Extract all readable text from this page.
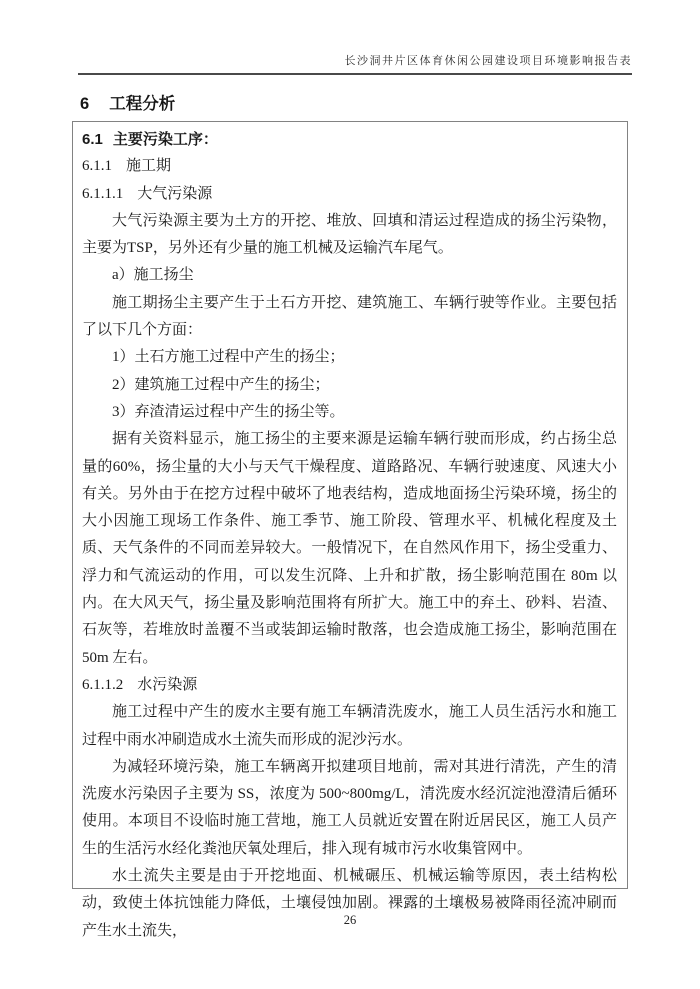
长沙洞井片区体育休闲公园建设项目环境影响报告表
6 工程分析
6.1 主要污染工序：
6.1.1 施工期
6.1.1.1 大气污染源

大气污染源主要为土方的开挖、堆放、回填和清运过程造成的扬尘污染物，主要为TSP，另外还有少量的施工机械及运输汽车尾气。

a）施工扬尘

施工期扬尘主要产生于土石方开挖、建筑施工、车辆行驶等作业。主要包括了以下几个方面：

1）土石方施工过程中产生的扬尘；
2）建筑施工过程中产生的扬尘；
3）弃渣清运过程中产生的扬尘等。

据有关资料显示，施工扬尘的主要来源是运输车辆行驶而形成，约占扬尘总量的60%，扬尘量的大小与天气干燥程度、道路路况、车辆行驶速度、风速大小有关。另外由于在挖方过程中破坏了地表结构，造成地面扬尘污染环境，扬尘的大小因施工现场工作条件、施工季节、施工阶段、管理水平、机械化程度及土质、天气条件的不同而差异较大。一般情况下，在自然风作用下，扬尘受重力、浮力和气流运动的作用，可以发生沉降、上升和扩散，扬尘影响范围在 80m 以内。在大风天气，扬尘量及影响范围将有所扩大。施工中的弃土、砂料、岩渣、石灰等，若堆放时盖覆不当或装卸运输时散落，也会造成施工扬尘，影响范围在 50m 左右。

6.1.1.2 水污染源

施工过程中产生的废水主要有施工车辆清洗废水，施工人员生活污水和施工过程中雨水冲刷造成水土流失而形成的泥沙污水。

为减轻环境污染，施工车辆离开拟建项目地前，需对其进行清洗，产生的清洗废水污染因子主要为 SS，浓度为 500~800mg/L，清洗废水经沉淀池澄清后循环使用。本项目不设临时施工营地，施工人员就近安置在附近居民区，施工人员产生的生活污水经化粪池厌氧处理后，排入现有城市污水收集管网中。

水土流失主要是由于开挖地面、机械碾压、机械运输等原因，表土结构松动，致使土体抗蚀能力降低，土壤侵蚀加剧。裸露的土壤极易被降雨径流冲刷而产生水土流失，

26
